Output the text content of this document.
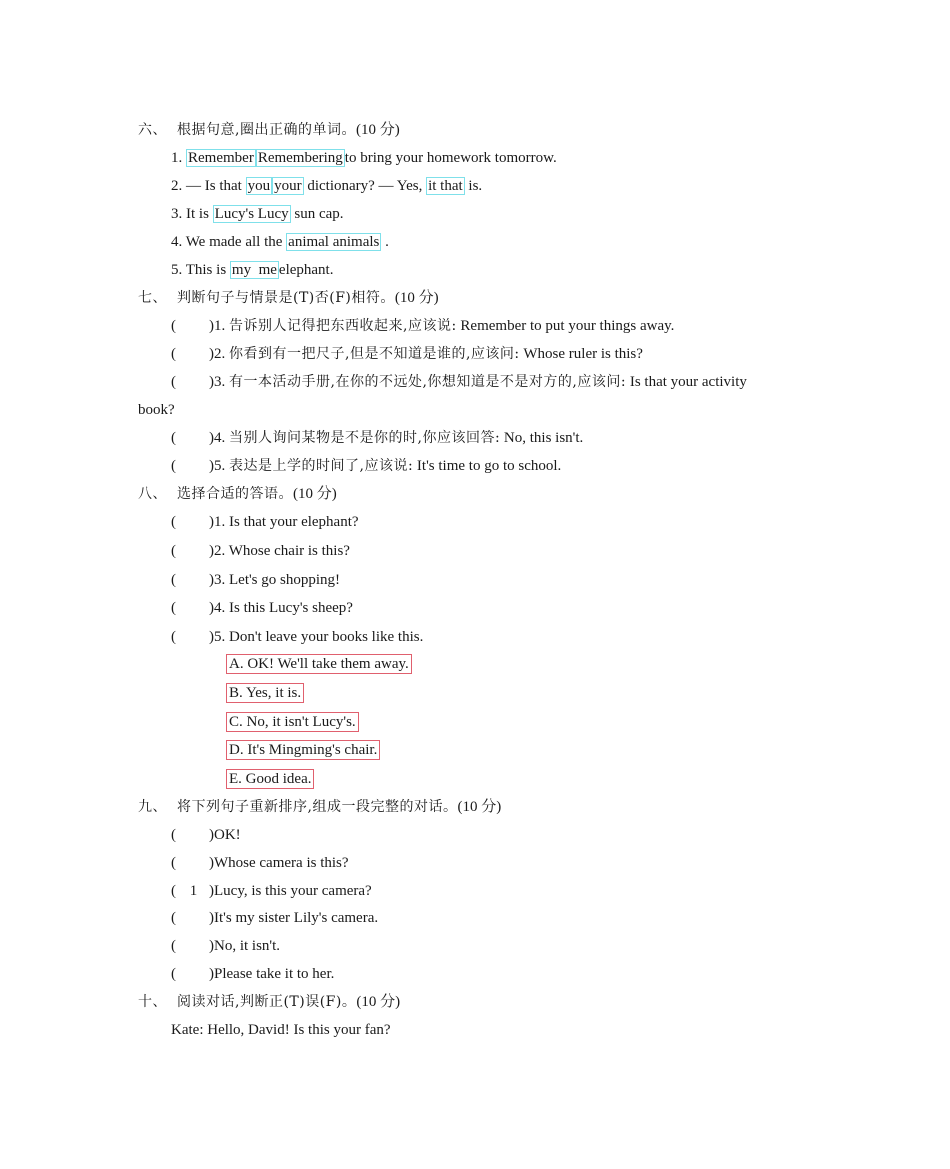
六、 根据句意,圈出正确的单词。(10 分)
1. Remember Remembering to bring your homework tomorrow.
2. — Is that you your dictionary? — Yes, it that is.
3. It is Lucy's Lucy sun cap.
4. We made all the animal animals .
5. This is my  me elephant.
七、 判断句子与情景是(T)否(F)相符。(10 分)
( )1. 告诉别人记得把东西收起来,应该说: Remember to put your things away.
( )2. 你看到有一把尺子,但是不知道是谁的,应该问: Whose ruler is this?
( )3. 有一本活动手册,在你的不远处,你想知道是不是对方的,应该问: Is that your activity
book?
( )4. 当别人询问某物是不是你的时,你应该回答: No, this isn't.
( )5. 表达是上学的时间了,应该说: It's time to go to school.
八、 选择合适的答语。(10 分)
( )1. Is that your elephant?
( )2. Whose chair is this?
( )3. Let's go shopping!
( )4. Is this Lucy's sheep?
( )5. Don't leave your books like this.
A. OK! We'll take them away.
B. Yes, it is.
C. No, it isn't Lucy's.
D. It's Mingming's chair.
E. Good idea.
九、 将下列句子重新排序,组成一段完整的对话。(10 分)
( )OK!
( )Whose camera is this?
( 1 )Lucy, is this your camera?
( )It's my sister Lily's camera.
( )No, it isn't.
( )Please take it to her.
十、 阅读对话,判断正(T)误(F)。(10 分)
Kate: Hello, David! Is this your fan?
